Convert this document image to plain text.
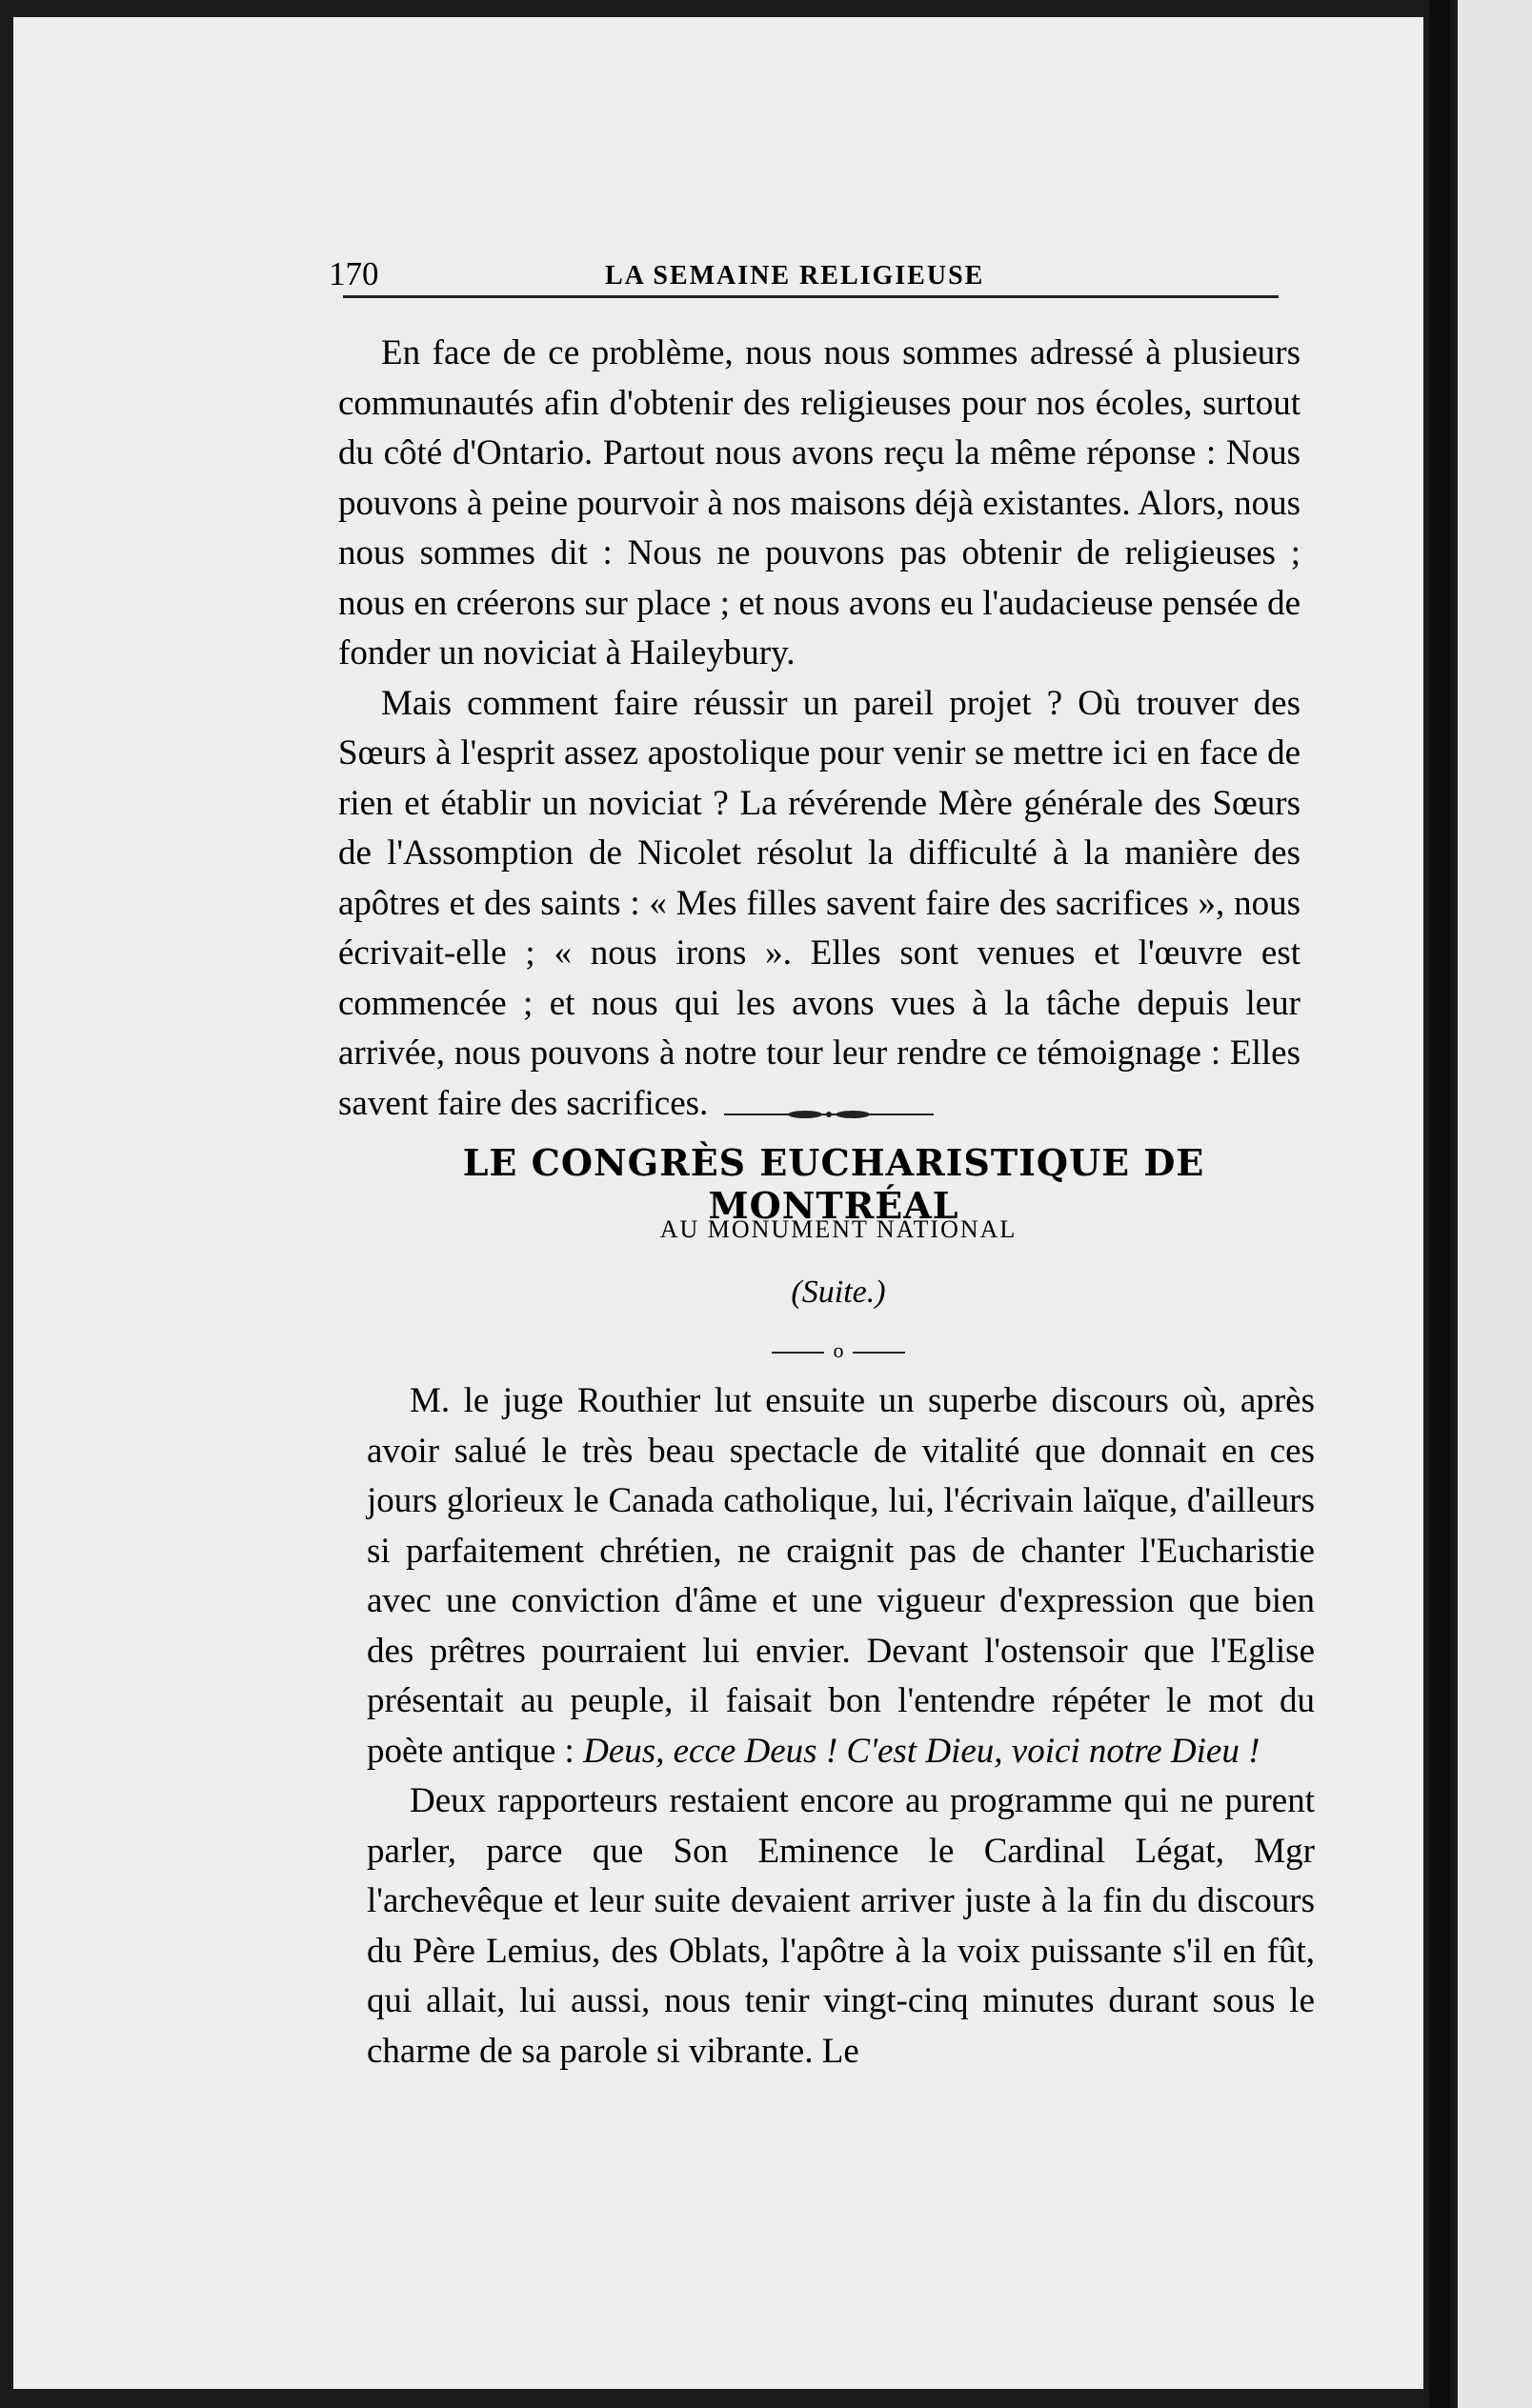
170	LA SEMAINE RELIGIEUSE

En face de ce problème, nous nous sommes adressé à plusieurs communautés afin d'obtenir des religieuses pour nos écoles, surtout du côté d'Ontario. Partout nous avons reçu la même réponse : Nous pouvons à peine pourvoir à nos maisons déjà existantes. Alors, nous nous sommes dit : Nous ne pouvons pas obtenir de religieuses ; nous en créerons sur place ; et nous avons eu l'audacieuse pensée de fonder un noviciat à Haileybury.

Mais comment faire réussir un pareil projet ? Où trouver des Sœurs à l'esprit assez apostolique pour venir se mettre ici en face de rien et établir un noviciat ? La révérende Mère générale des Sœurs de l'Assomption de Nicolet résolut la difficulté à la manière des apôtres et des saints : « Mes filles savent faire des sacrifices », nous écrivait-elle ; « nous irons ». Elles sont venues et l'œuvre est commencée ; et nous qui les avons vues à la tâche depuis leur arrivée, nous pouvons à notre tour leur rendre ce témoignage : Elles savent faire des sacrifices.

LE CONGRÈS EUCHARISTIQUE DE MONTRÉAL
AU MONUMENT NATIONAL
(Suite.)
o

M. le juge Routhier lut ensuite un superbe discours où, après avoir salué le très beau spectacle de vitalité que donnait en ces jours glorieux le Canada catholique, lui, l'écrivain laïque, d'ailleurs si parfaitement chrétien, ne craignit pas de chanter l'Eucharistie avec une conviction d'âme et une vigueur d'expression que bien des prêtres pourraient lui envier. Devant l'ostensoir que l'Eglise présentait au peuple, il faisait bon l'entendre répéter le mot du poète antique : Deus, ecce Deus ! C'est Dieu, voici notre Dieu !

Deux rapporteurs restaient encore au programme qui ne purent parler, parce que Son Eminence le Cardinal Légat, Mgr l'archevêque et leur suite devaient arriver juste à la fin du discours du Père Lemius, des Oblats, l'apôtre à la voix puissante s'il en fût, qui allait, lui aussi, nous tenir vingt-cinq minutes durant sous le charme de sa parole si vibrante. Le
